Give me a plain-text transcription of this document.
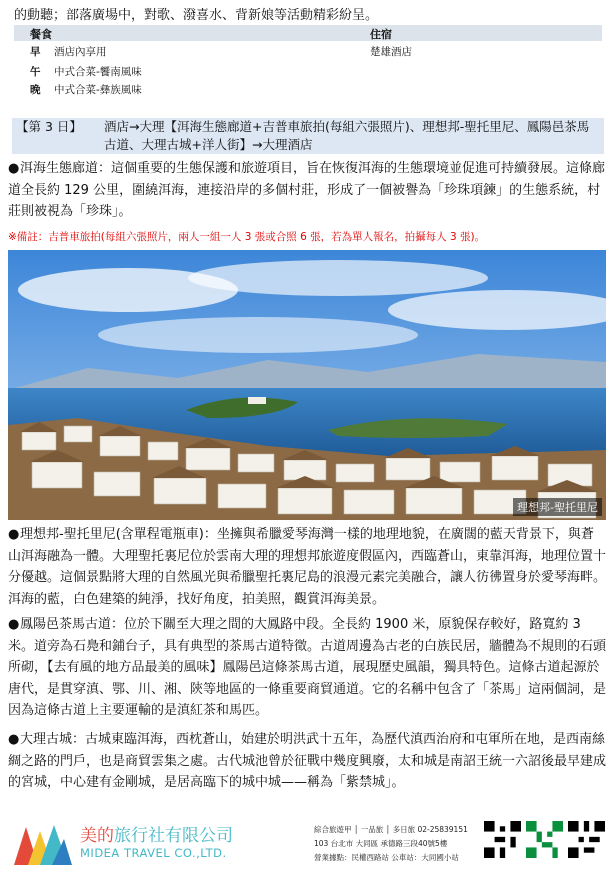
的動聽；部落廣場中，對歌、潑喜水、背新娘等活動精彩紛呈。
餐食	住宿
早 酒店內享用	楚雄酒店
午 中式合菜-饗南風味
晚 中式合菜-彝族風味
【第 3 日】 酒店→大理【洱海生態廊道+吉普車旅拍(每組六張照片)、理想邦-聖托里尼、鳳陽邑茶馬古道、大理古城+洋人街】→大理酒店
●洱海生態廊道：這個重要的生態保護和旅遊項目，旨在恢復洱海的生態環境並促進可持續發展。這條廊道全長約 129 公里，圍繞洱海，連接沿岸的多個村莊，形成了一個被譽為「珍珠項鍊」的生態系統，村莊則被視為「珍珠」。
※備註：吉普車旅拍(每組六張照片，兩人一組一人 3 張或合照 6 張，若為單人報名，拍攝每人 3 張)。
理想邦-聖托里尼
●理想邦-聖托里尼(含單程電瓶車)：坐擁與希臘愛琴海灣一樣的地理地貌，在廣闊的藍天背景下，與蒼山洱海融為一體。大理聖托裏尼位於雲南大理的理想邦旅遊度假區內，西臨蒼山，東靠洱海，地理位置十分優越。這個景點將大理的自然風光與希臘聖托裏尼島的浪漫元素完美融合，讓人彷彿置身於愛琴海畔。洱海的藍，白色建築的純淨，找好角度，拍美照，觀賞洱海美景。
●鳳陽邑茶馬古道：位於下關至大理之間的大鳳路中段。全長約 1900 米，原貌保存較好，路寬約 3 米。道旁為石鳧和鋪台子，具有典型的茶馬古道特徵。古道周邊為古老的白族民居，牆體為不規則的石頭所砌，【去有風的地方品最美的風味】鳳陽邑這條茶馬古道，展現歷史風韻，獨具特色。這條古道起源於唐代，是貫穿滇、鄂、川、湘、陝等地區的一條重要商貿通道。它的名稱中包含了「茶馬」這兩個詞，是因為這條古道上主要運輸的是滇紅茶和馬匹。
●大理古城：古城東臨洱海，西枕蒼山，始建於明洪武十五年，為歷代滇西治府和屯軍所在地，是西南絲綢之路的門戶，也是商貿雲集之處。古代城池曾於征戰中幾度興廢，太和城是南詔王統一六詔後最早建成的宮城，中心建有金剛城，是居高臨下的城中城——稱為「紫禁城」。
美的旅行社有限公司
MIDEA TRAVEL CO.,LTD.
綜合旅遊甲 │ 一品旅 │ 多日旅 02-25839151
103 台北市 大同區 承德路三段40號5樓
營業據點：民權西路站 公車站：大同國小站
